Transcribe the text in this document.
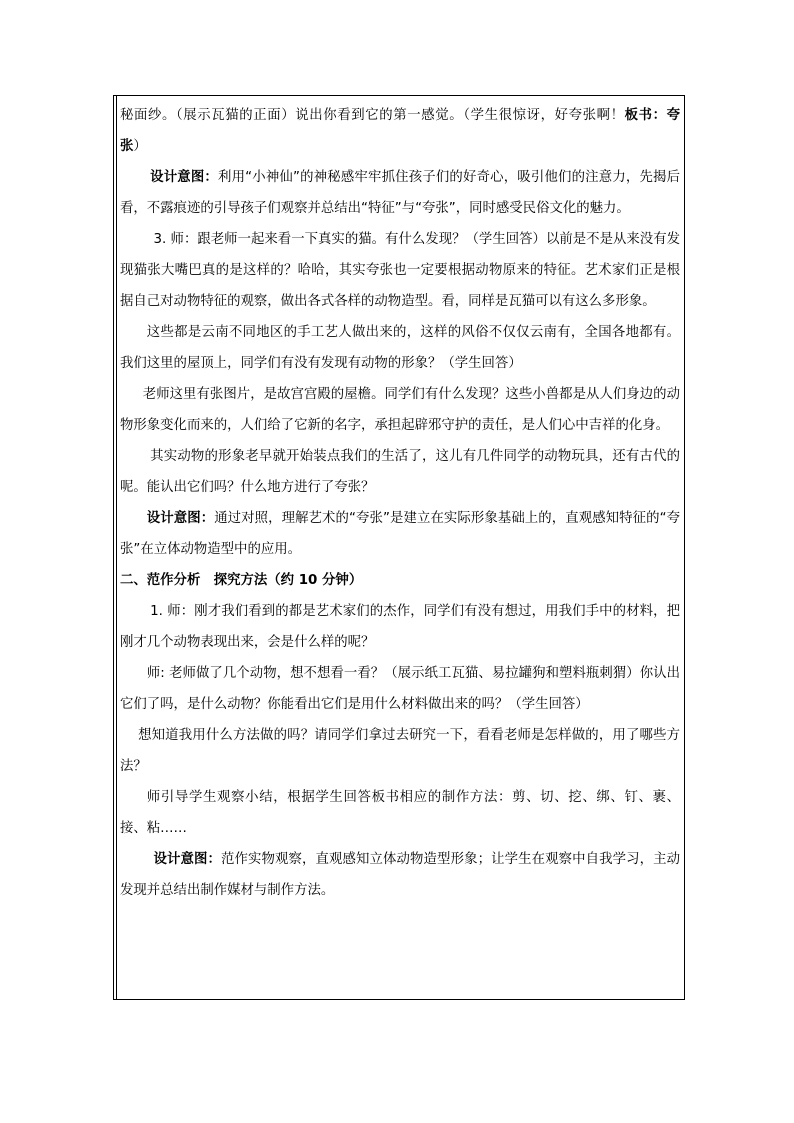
秘面纱。（展示瓦猫的正面）说出你看到它的第一感觉。（学生很惊讶，好夸张啊！板书：夸张）

设计意图：利用“小神仙”的神秘感牢牢抓住孩子们的好奇心，吸引他们的注意力，先揭后看，不露痕迹的引导孩子们观察并总结出“特征”与“夸张”，同时感受民俗文化的魅力。

3. 师：跟老师一起来看一下真实的猫。有什么发现？（学生回答）以前是不是从来没有发现猫张大嘴巴真的是这样的？哈哈，其实夸张也一定要根据动物原来的特征。艺术家们正是根据自己对动物特征的观察，做出各式各样的动物造型。看，同样是瓦猫可以有这么多形象。

这些都是云南不同地区的手工艺人做出来的，这样的风俗不仅仅云南有，全国各地都有。我们这里的屋顶上，同学们有没有发现有动物的形象？（学生回答）

老师这里有张图片，是故宫宫殿的屋檐。同学们有什么发现？这些小兽都是从人们身边的动物形象变化而来的，人们给了它新的名字，承担起辟邪守护的责任，是人们心中吉祥的化身。

其实动物的形象老早就开始装点我们的生活了，这儿有几件同学的动物玩具，还有古代的呢。能认出它们吗？什么地方进行了夸张？

设计意图：通过对照，理解艺术的“夸张”是建立在实际形象基础上的，直观感知特征的“夸张”在立体动物造型中的应用。

二、范作分析　探究方法（约 10 分钟）

1. 师：刚才我们看到的都是艺术家们的杰作，同学们有没有想过，用我们手中的材料，把刚才几个动物表现出来，会是什么样的呢？

师: 老师做了几个动物，想不想看一看？（展示纸工瓦猫、易拉罐狗和塑料瓶刺猬）你认出它们了吗，是什么动物？你能看出它们是用什么材料做出来的吗？（学生回答）

想知道我用什么方法做的吗？请同学们拿过去研究一下，看看老师是怎样做的，用了哪些方法？

师引导学生观察小结，根据学生回答板书相应的制作方法：剪、切、挖、绑、钉、裹、接、粘……

设计意图：范作实物观察，直观感知立体动物造型形象；让学生在观察中自我学习，主动发现并总结出制作媒材与制作方法。
